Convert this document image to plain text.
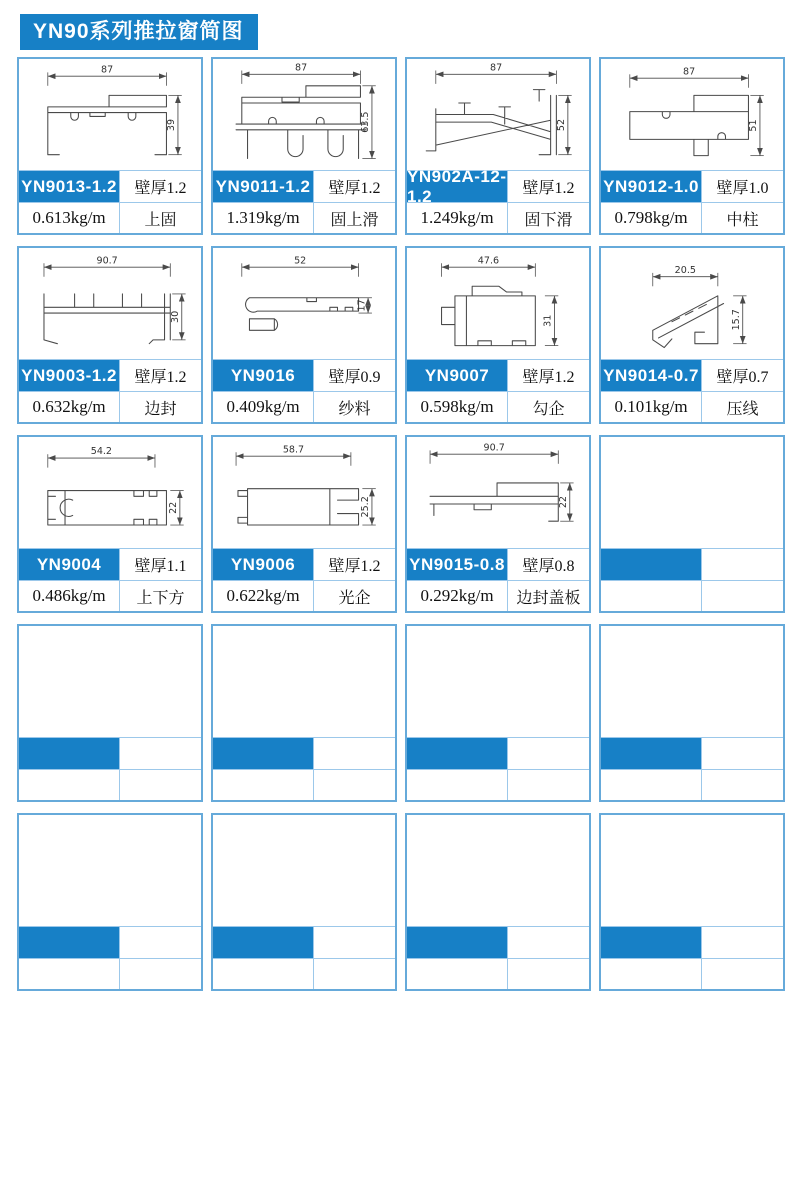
YN90系列推拉窗简图
87
39
YN9013-1.2	壁厚1.2
0.613kg/m	上固
87
63.5
YN9011-1.2	壁厚1.2
1.319kg/m	固上滑
87
52
YN902A-12-1.2	壁厚1.2
1.249kg/m	固下滑
87
51
YN9012-1.0	壁厚1.0
0.798kg/m	中柱
90.7
30
YN9003-1.2	壁厚1.2
0.632kg/m	边封
52
17
YN9016	壁厚0.9
0.409kg/m	纱料
47.6
31
YN9007	壁厚1.2
0.598kg/m	勾企
20.5
15.7
YN9014-0.7	壁厚0.7
0.101kg/m	压线
54.2
22
YN9004	壁厚1.1
0.486kg/m	上下方
58.7
25.2
YN9006	壁厚1.2
0.622kg/m	光企
90.7
22
YN9015-0.8	壁厚0.8
0.292kg/m	边封盖板
